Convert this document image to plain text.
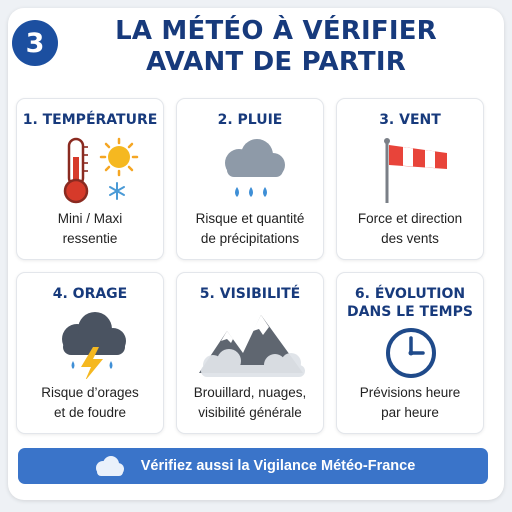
3	LA MÉTÉO À VÉRIFIER
AVANT DE PARTIR
1. TEMPÉRATURE
Mini / Maxi
ressentie
2. PLUIE
Risque et quantité
de précipitations
3. VENT
Force et direction
des vents
4. ORAGE
Risque d’orages
et de foudre
5. VISIBILITÉ
Brouillard, nuages,
visibilité générale
6. ÉVOLUTION
DANS LE TEMPS
Prévisions heure
par heure
Vérifiez aussi la Vigilance Météo-France
